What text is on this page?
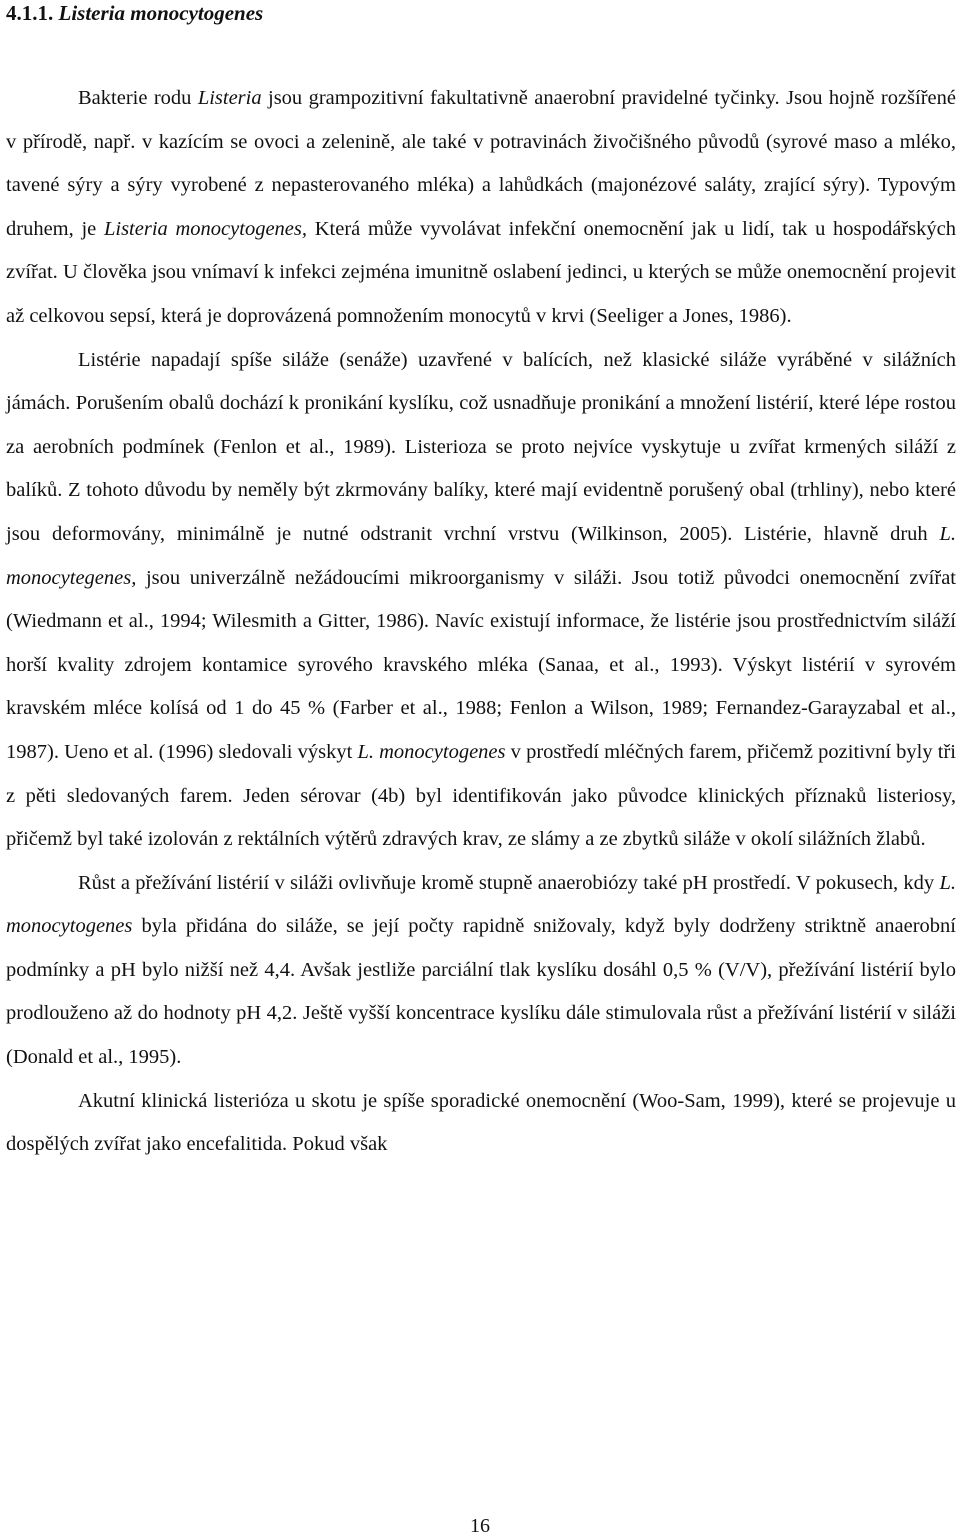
4.1.1. Listeria monocytogenes

Bakterie rodu Listeria jsou grampozitivní fakultativně anaerobní pravidelné tyčinky. Jsou hojně rozšířené v přírodě, např. v kazícím se ovoci a zelenině, ale také v potravinách živočišného původů (syrové maso a mléko, tavené sýry a sýry vyrobené z nepasterovaného mléka) a lahůdkách (majonézové saláty, zrající sýry). Typovým druhem, je Listeria monocytogenes, Která může vyvolávat infekční onemocnění jak u lidí, tak u hospodářských zvířat. U člověka jsou vnímaví k infekci zejména imunitně oslabení jedinci, u kterých se může onemocnění projevit až celkovou sepsí, která je doprovázená pomnožením monocytů v krvi (Seeliger a Jones, 1986).

Listérie napadají spíše siláže (senáže) uzavřené v balících, než klasické siláže vyráběné v silážních jámách. Porušením obalů dochází k pronikání kyslíku, což usnadňuje pronikání a množení listérií, které lépe rostou za aerobních podmínek (Fenlon et al., 1989). Listerioza se proto nejvíce vyskytuje u zvířat krmených siláží z balíků. Z tohoto důvodu by neměly být zkrmovány balíky, které mají evidentně porušený obal (trhliny), nebo které jsou deformovány, minimálně je nutné odstranit vrchní vrstvu (Wilkinson, 2005). Listérie, hlavně druh L. monocytegenes, jsou univerzálně nežádoucími mikroorganismy v siláži. Jsou totiž původci onemocnění zvířat (Wiedmann et al., 1994; Wilesmith a Gitter, 1986). Navíc existují informace, že listérie jsou prostřednictvím siláží horší kvality zdrojem kontamice syrového kravského mléka (Sanaa, et al., 1993). Výskyt listérií v syrovém kravském mléce kolísá od 1 do 45 % (Farber et al., 1988; Fenlon a Wilson, 1989; Fernandez-Garayzabal et al., 1987). Ueno et al. (1996) sledovali výskyt L. monocytogenes v prostředí mléčných farem, přičemž pozitivní byly tři z pěti sledovaných farem. Jeden sérovar (4b) byl identifikován jako původce klinických příznaků listeriosy, přičemž byl také izolován z rektálních výtěrů zdravých krav, ze slámy a ze zbytků siláže v okolí silážních žlabů.

Růst a přežívání listérií v siláži ovlivňuje kromě stupně anaerobiózy také pH prostředí. V pokusech, kdy L. monocytogenes byla přidána do siláže, se její počty rapidně snižovaly, když byly dodrženy striktně anaerobní podmínky a pH bylo nižší než 4,4. Avšak jestliže parciální tlak kyslíku dosáhl 0,5 % (V/V), přežívání listérií bylo prodlouženo až do hodnoty pH 4,2. Ještě vyšší koncentrace kyslíku dále stimulovala růst a přežívání listérií v siláži (Donald et al., 1995).

Akutní klinická listerióza u skotu je spíše sporadické onemocnění (Woo-Sam, 1999), které se projevuje u dospělých zvířat jako encefalitida. Pokud však

16
